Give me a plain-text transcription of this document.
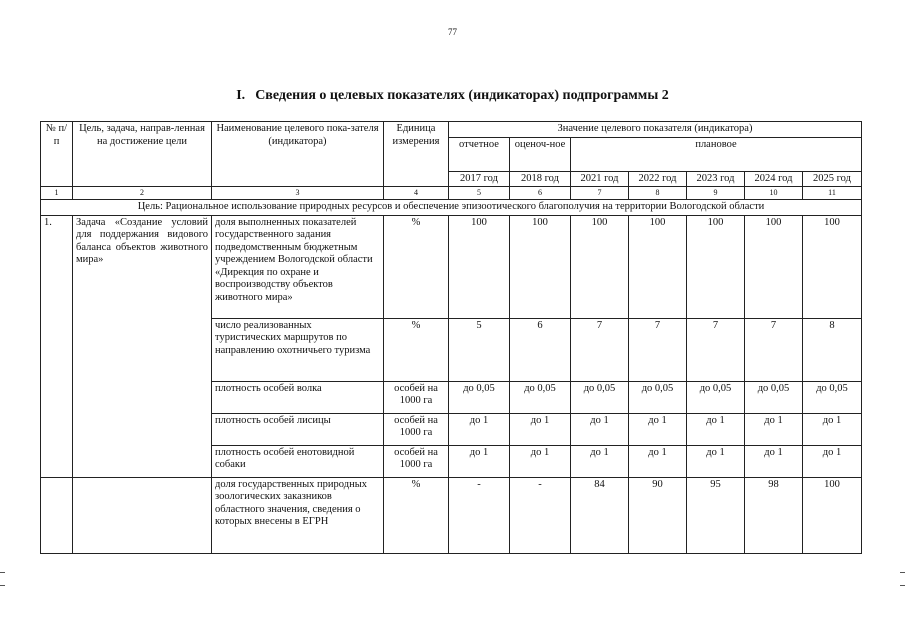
77
I. Сведения о целевых показателях (индикаторах) подпрограммы 2
№ п/п	Цель, задача, направ-ленная на достижение цели	Наименование целевого пока-зателя (индикатора)	Единица измерения	Значение целевого показателя (индикатора)						
				отчетное	оценоч-ное	плановое				
				2017 год	2018 год	2021 год	2022 год	2023 год	2024 год	2025 год
1	2	3	4	5	6	7	8	9	10	11
Цель: Рациональное использование природных ресурсов и обеспечение эпизоотического благополучия на территории Вологодской области										
1.	Задача «Создание условий для поддержания видового баланса объектов животного мира»	доля выполненных показателей государственного задания подведомственным бюджетным учреждением Вологодской области «Дирекция по охране и воспроизводству объектов животного мира»	%	100	100	100	100	100	100	100
		число реализованных туристических маршрутов по направлению охотничьего туризма	%	5	6	7	7	7	7	8
		плотность особей волка	особей на 1000 га	до 0,05	до 0,05	до 0,05	до 0,05	до 0,05	до 0,05	до 0,05
		плотность особей лисицы	особей на 1000 га	до 1	до 1	до 1	до 1	до 1	до 1	до 1
		плотность особей енотовидной собаки	особей на 1000 га	до 1	до 1	до 1	до 1	до 1	до 1	до 1
		доля государственных природных зоологических заказников областного значения, сведения о которых внесены в ЕГРН	%	-	-	84	90	95	98	100
